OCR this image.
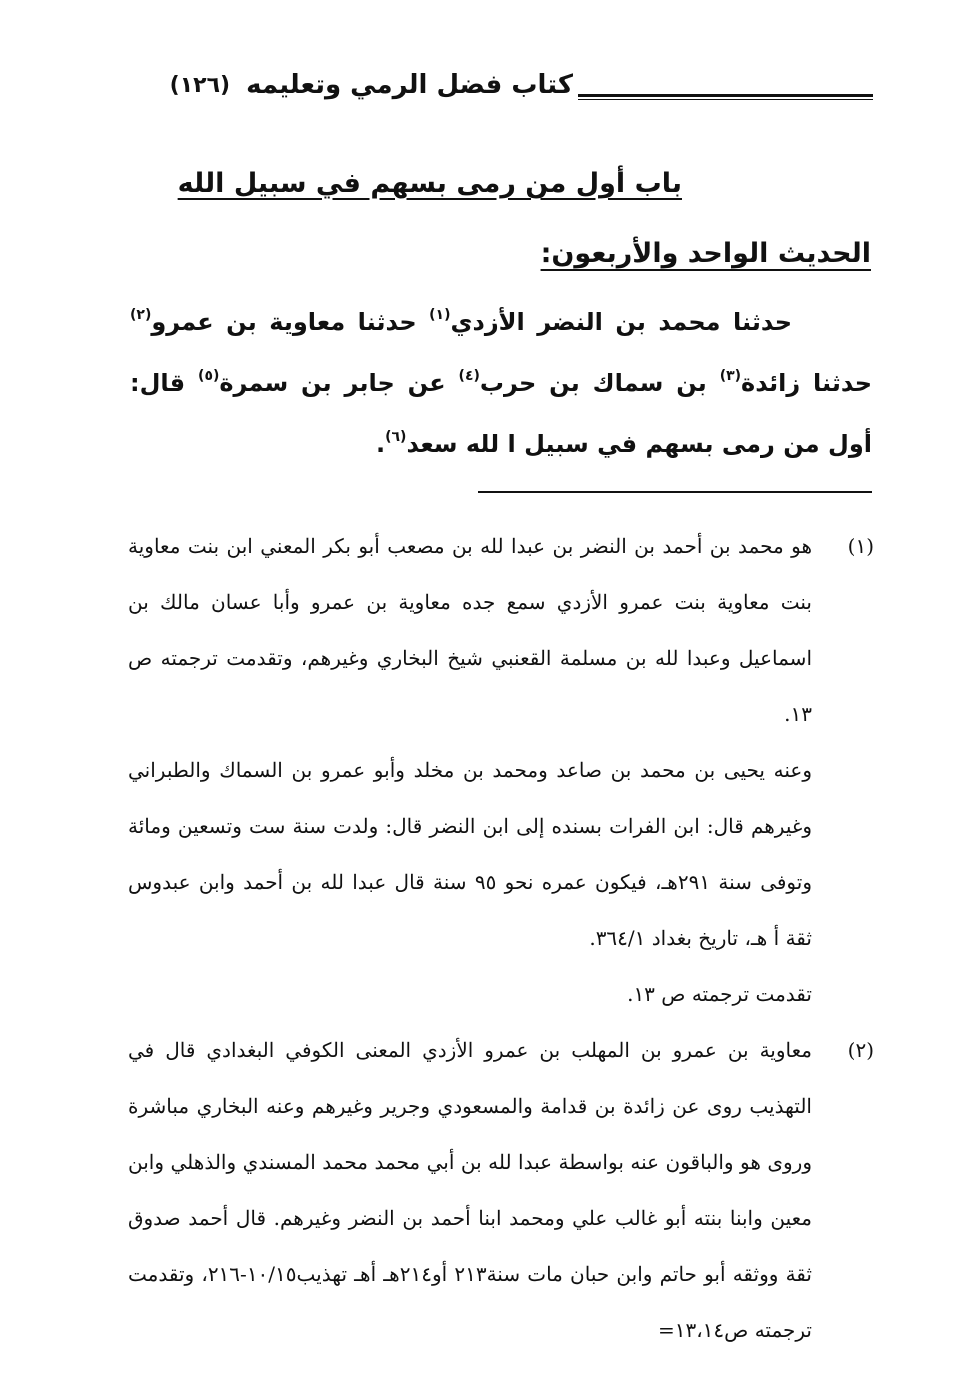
كتاب فضل الرمي وتعليمه
(١٢٦)
باب أول من رمى بسهم في سبيل الله
الحديث الواحد والأربعون:

حدثنا محمد بن النضر الأزدي$^{(١)}$ حدثنا معاوية بن عمرو$^{(٢)}$ حدثنا زائدة$^{(٣)}$ بن سماك بن حرب$^{(٤)}$ عن جابر بن سمرة$^{(٥)}$ قال: أول من رمى بسهم في سبيل ا لله سعد$^{(٦)}$.

(١)

هو محمد بن أحمد بن النضر بن عبدا لله بن مصعب أبو بكر المعني ابن بنت معاوية بنت معاوية بنت عمرو الأزدي سمع جده معاوية بن عمرو وأبا عسان مالك بن اسماعيل وعبدا لله بن مسلمة القعنبي شيخ البخاري وغيرهم، وتقدمت ترجمته ص ١٣.

وعنه يحيى بن محمد بن صاعد ومحمد بن مخلد وأبو عمرو بن السماك والطبراني وغيرهم قال: ابن الفرات بسنده إلى ابن النضر قال: ولدت سنة ست وتسعين ومائة وتوفى سنة ٢٩١هـ، فيكون عمره نحو ٩٥ سنة قال عبدا لله بن أحمد وابن عبدوس ثقة أ هـ، تاريخ بغداد ٣٦٤/١.

تقدمت ترجمته ص ١٣.

(٢)

معاوية بن عمرو بن المهلب بن عمرو الأزدي المعنى الكوفي البغدادي قال في التهذيب روى عن زائدة بن قدامة والمسعودي وجرير وغيرهم وعنه البخاري مباشرة وروى هو والباقون عنه بواسطة عبدا لله بن أبي محمد محمد المسندي والذهلي وابن معين وابنا بنته أبو غالب علي ومحمد ابنا أحمد بن النضر وغيرهم. قال أحمد صدوق ثقة ووثقه أبو حاتم وابن حبان مات سنة٢١٣ أو٢١٤هـ أهـ تهذيب١٠/١٥-٢١٦، وتقدمت ترجمته ص١٣،١٤=
